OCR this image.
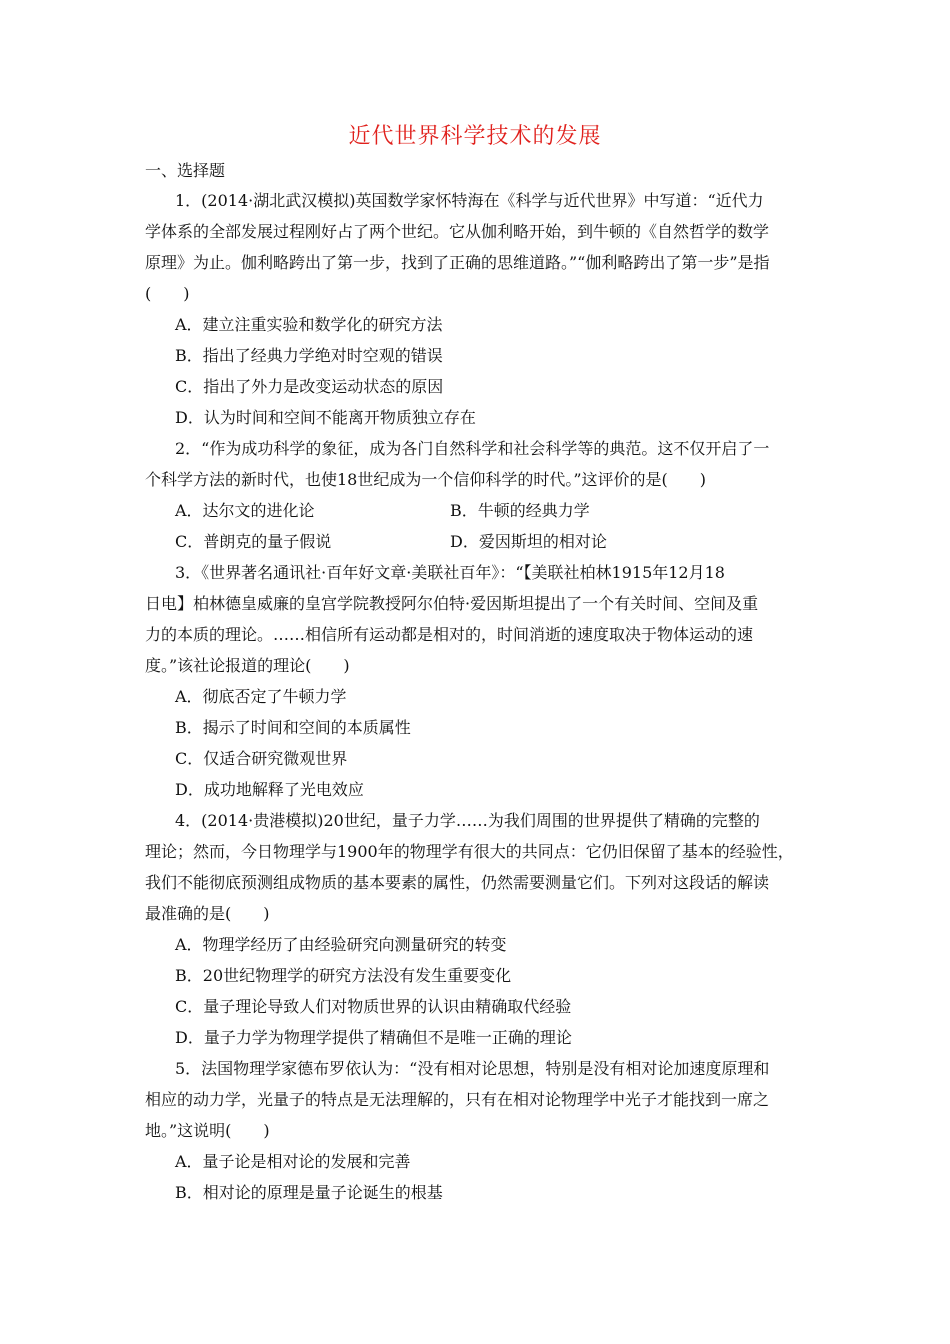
近代世界科学技术的发展
一、选择题
1．(2014·湖北武汉模拟)英国数学家怀特海在《科学与近代世界》中写道：“近代力
学体系的全部发展过程刚好占了两个世纪。它从伽利略开始，到牛顿的《自然哲学的数学
原理》为止。伽利略跨出了第一步，找到了正确的思维道路。”“伽利略跨出了第一步”是指
(　　)
A．建立注重实验和数学化的研究方法
B．指出了经典力学绝对时空观的错误
C．指出了外力是改变运动状态的原因
D．认为时间和空间不能离开物质独立存在
2．“作为成功科学的象征，成为各门自然科学和社会科学等的典范。这不仅开启了一
个科学方法的新时代，也使18世纪成为一个信仰科学的时代。”这评价的是(　　)
A．达尔文的进化论	B．牛顿的经典力学
C．普朗克的量子假说	D．爱因斯坦的相对论
3．《世界著名通讯社·百年好文章·美联社百年》：“【美联社柏林1915年12月18
日电】柏林德皇威廉的皇宫学院教授阿尔伯特·爱因斯坦提出了一个有关时间、空间及重
力的本质的理论。……相信所有运动都是相对的，时间消逝的速度取决于物体运动的速
度。”该社论报道的理论(　　)
A．彻底否定了牛顿力学
B．揭示了时间和空间的本质属性
C．仅适合研究微观世界
D．成功地解释了光电效应
4．(2014·贵港模拟)20世纪，量子力学……为我们周围的世界提供了精确的完整的
理论；然而，今日物理学与1900年的物理学有很大的共同点：它仍旧保留了基本的经验性，
我们不能彻底预测组成物质的基本要素的属性，仍然需要测量它们。下列对这段话的解读
最准确的是(　　)
A．物理学经历了由经验研究向测量研究的转变
B．20世纪物理学的研究方法没有发生重要变化
C．量子理论导致人们对物质世界的认识由精确取代经验
D．量子力学为物理学提供了精确但不是唯一正确的理论
5．法国物理学家德布罗依认为：“没有相对论思想，特别是没有相对论加速度原理和
相应的动力学，光量子的特点是无法理解的，只有在相对论物理学中光子才能找到一席之
地。”这说明(　　)
A．量子论是相对论的发展和完善
B．相对论的原理是量子论诞生的根基
